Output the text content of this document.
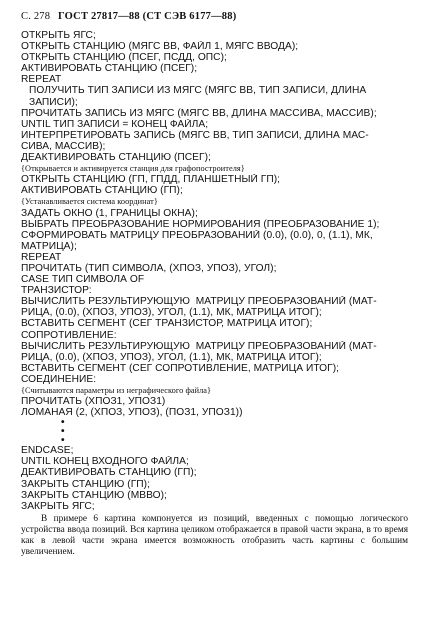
С. 278 ГОСТ 27817—88 (СТ СЭВ 6177—88)
ОТКРЫТЬ ЯГС;
ОТКРЫТЬ СТАНЦИЮ (МЯГС ВВ, ФАЙЛ 1, МЯГС ВВОДА);
ОТКРЫТЬ СТАНЦИЮ (ПСЕГ, ПСДД, ОПС);
АКТИВИРОВАТЬ СТАНЦИЮ (ПСЕГ);
REPEAT
ПОЛУЧИТЬ ТИП ЗАПИСИ ИЗ МЯГС (МЯГС ВВ, ТИП ЗАПИСИ, ДЛИНА
ЗАПИСИ);
ПРОЧИТАТЬ ЗАПИСЬ ИЗ МЯГС (МЯГС ВВ, ДЛИНА МАССИВА, МАССИВ);
UNTIL ТИП ЗАПИСИ = КОНЕЦ ФАЙЛА;
ИНТЕРПРЕТИРОВАТЬ ЗАПИСЬ (МЯГС ВВ, ТИП ЗАПИСИ, ДЛИНА МАС-
СИВА, МАССИВ);
ДЕАКТИВИРОВАТЬ СТАНЦИЮ (ПСЕГ);
{Открывается и активируется станция для графопостроителя}
ОТКРЫТЬ СТАНЦИЮ (ГП, ГПДД, ПЛАНШЕТНЫЙ ГП);
АКТИВИРОВАТЬ СТАНЦИЮ (ГП);
{Устанавливается система координат}
ЗАДАТЬ ОКНО (1, ГРАНИЦЫ ОКНА);
ВЫБРАТЬ ПРЕОБРАЗОВАНИЕ НОРМИРОВАНИЯ (ПРЕОБРАЗОВАНИЕ 1);
СФОРМИРОВАТЬ МАТРИЦУ ПРЕОБРАЗОВАНИЙ (0.0), (0.0), 0, (1.1), МК,
МАТРИЦА);
REPEAT
ПРОЧИТАТЬ (ТИП СИМВОЛА, (ХПОЗ, УПОЗ), УГОЛ);
CASE ТИП СИМВОЛА OF
ТРАНЗИСТОР:
ВЫЧИСЛИТЬ РЕЗУЛЬТИРУЮЩУЮ  МАТРИЦУ ПРЕОБРАЗОВАНИЙ (МАТ-
РИЦА, (0.0), (ХПОЗ, УПОЗ), УГОЛ, (1.1), МК, МАТРИЦА ИТОГ);
ВСТАВИТЬ СЕГМЕНТ (СЕГ ТРАНЗИСТОР, МАТРИЦА ИТОГ);
СОПРОТИВЛЕНИЕ:
ВЫЧИСЛИТЬ РЕЗУЛЬТИРУЮЩУЮ  МАТРИЦУ ПРЕОБРАЗОВАНИЙ (МАТ-
РИЦА, (0.0), (ХПОЗ, УПОЗ), УГОЛ, (1.1), МК, МАТРИЦА ИТОГ);
ВСТАВИТЬ СЕГМЕНТ (СЕГ СОПРОТИВЛЕНИЕ, МАТРИЦА ИТОГ);
СОЕДИНЕНИЕ:
{Считываются параметры из неграфического файла}
ПРОЧИТАТЬ (ХПОЗ1, УПОЗ1)
ЛОМАНАЯ (2, (ХПОЗ, УПОЗ), (ПОЗ1, УПОЗ1))
•
•
•
ENDCASE;
UNTIL КОНЕЦ ВХОДНОГО ФАЙЛА;
ДЕАКТИВИРОВАТЬ СТАНЦИЮ (ГП);
ЗАКРЫТЬ СТАНЦИЮ (ГП);
ЗАКРЫТЬ СТАНЦИЮ (МВВО);
ЗАКРЫТЬ ЯГС;
В примере 6 картина компонуется из позиций, введенных с помощью логического устройства ввода позиций. Вся картина целиком отображается в правой части экрана, в то время как в левой части экрана имеется возможность отобразить часть картины с большим увеличением.
